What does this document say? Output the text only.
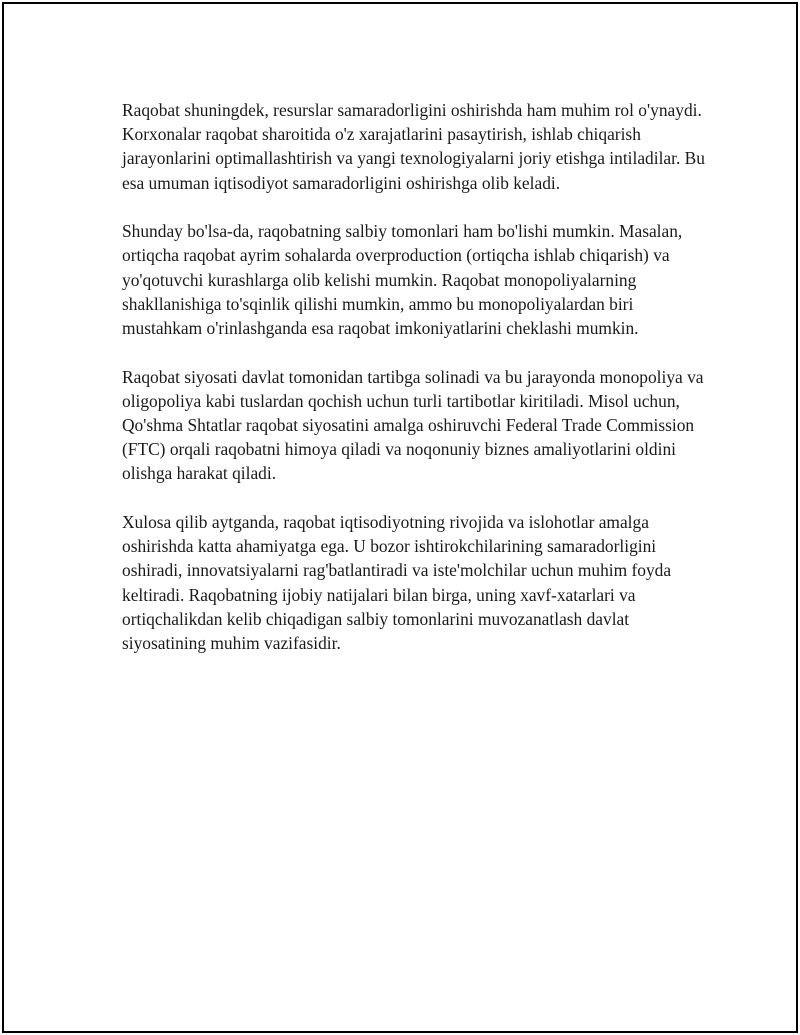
Raqobat shuningdek, resurslar samaradorligini oshirishda ham muhim rol o'ynaydi. Korxonalar raqobat sharoitida o'z xarajatlarini pasaytirish, ishlab chiqarish jarayonlarini optimallashtirish va yangi texnologiyalarni joriy etishga intiladilar. Bu esa umuman iqtisodiyot samaradorligini oshirishga olib keladi.

Shunday bo'lsa-da, raqobatning salbiy tomonlari ham bo'lishi mumkin. Masalan, ortiqcha raqobat ayrim sohalarda overproduction (ortiqcha ishlab chiqarish) va yo'qotuvchi kurashlarga olib kelishi mumkin. Raqobat monopoliyalarning shakllanishiga to'sqinlik qilishi mumkin, ammo bu monopoliyalardan biri mustahkam o'rinlashganda esa raqobat imkoniyatlarini cheklashi mumkin.

Raqobat siyosati davlat tomonidan tartibga solinadi va bu jarayonda monopoliya va oligopoliya kabi tuslardan qochish uchun turli tartibotlar kiritiladi. Misol uchun, Qo'shma Shtatlar raqobat siyosatini amalga oshiruvchi Federal Trade Commission (FTC) orqali raqobatni himoya qiladi va noqonuniy biznes amaliyotlarini oldini olishga harakat qiladi.

Xulosa qilib aytganda, raqobat iqtisodiyotning rivojida va islohotlar amalga oshirishda katta ahamiyatga ega. U bozor ishtirokchilarining samaradorligini oshiradi, innovatsiyalarni rag'batlantiradi va iste'molchilar uchun muhim foyda keltiradi. Raqobatning ijobiy natijalari bilan birga, uning xavf-xatarlari va ortiqchalikdan kelib chiqadigan salbiy tomonlarini muvozanatlash davlat siyosatining muhim vazifasidir.
